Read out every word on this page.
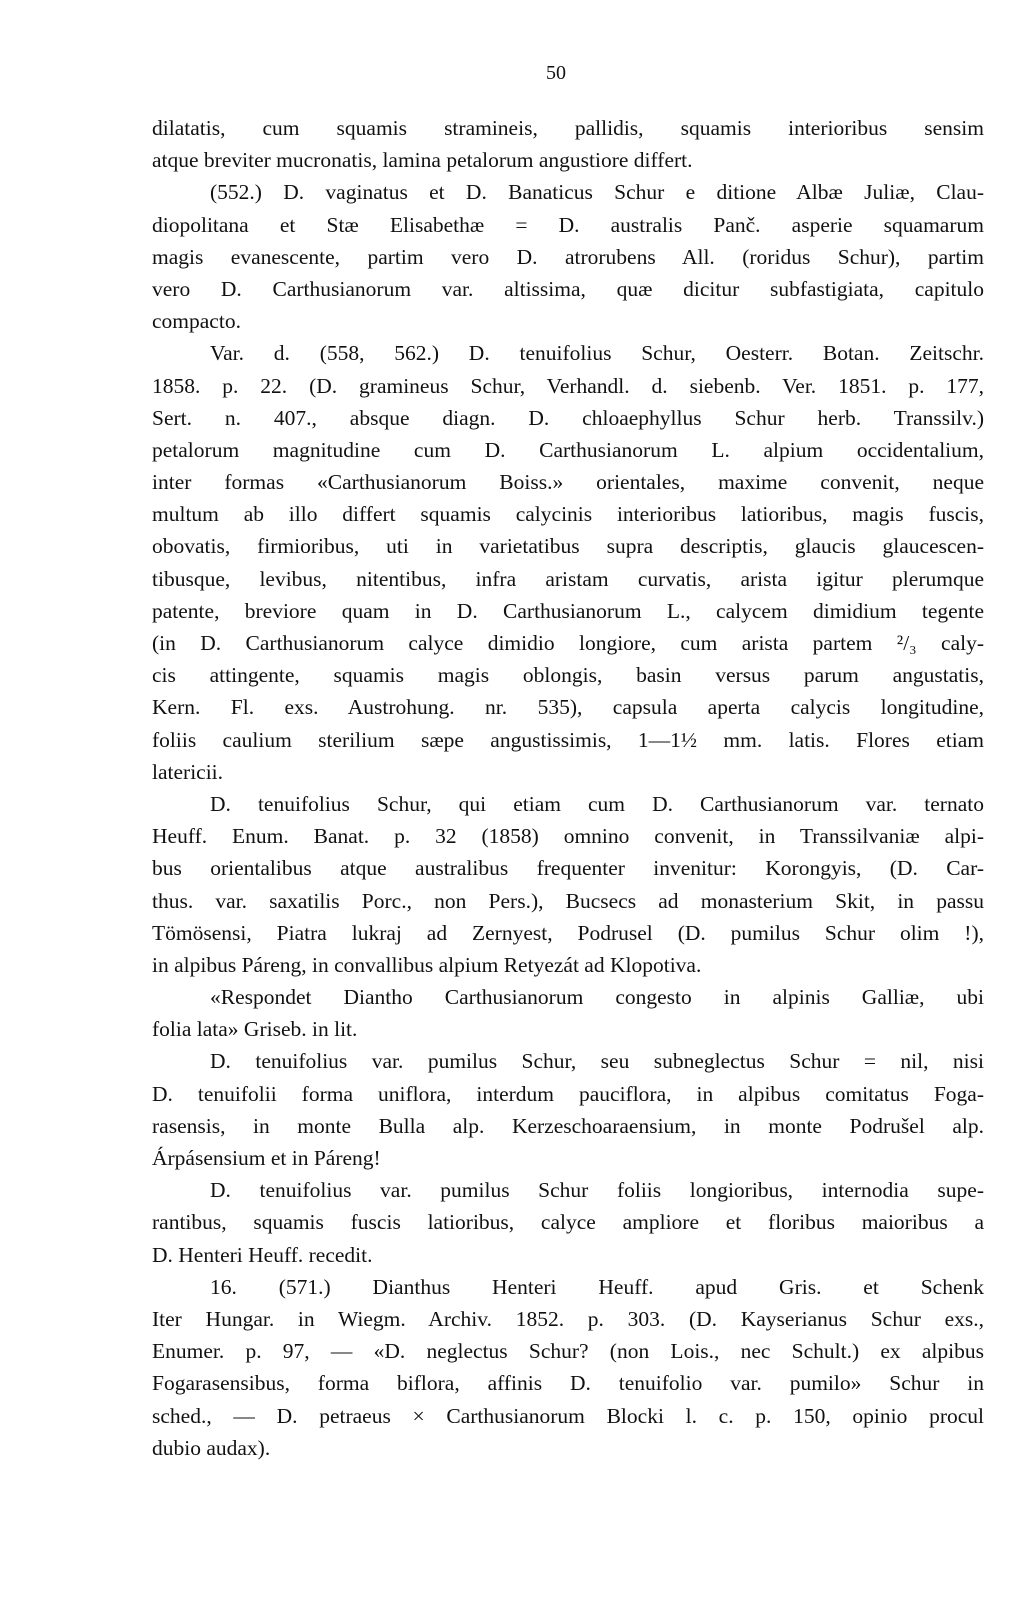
50
dilatatis, cum squamis stramineis, pallidis, squamis interioribus sensim
atque breviter mucronatis, lamina petalorum angustiore differt.
(552.) D. vaginatus et D. Banaticus Schur e ditione Albæ Juliæ, Clau-
diopolitana et Stæ Elisabethæ = D. australis Panč. asperie squamarum
magis evanescente, partim vero D. atrorubens All. (roridus Schur), partim
vero D. Carthusianorum var. altissima, quæ dicitur subfastigiata, capitulo
compacto.
Var. d. (558, 562.) D. tenuifolius Schur, Oesterr. Botan. Zeitschr.
1858. p. 22. (D. gramineus Schur, Verhandl. d. siebenb. Ver. 1851. p. 177,
Sert. n. 407., absque diagn. D. chloaephyllus Schur herb. Transsilv.)
petalorum magnitudine cum D. Carthusianorum L. alpium occidentalium,
inter formas «Carthusianorum Boiss.» orientales, maxime convenit, neque
multum ab illo differt squamis calycinis interioribus latioribus, magis fuscis,
obovatis, firmioribus, uti in varietatibus supra descriptis, glaucis glaucescen-
tibusque, levibus, nitentibus, infra aristam curvatis, arista igitur plerumque
patente, breviore quam in D. Carthusianorum L., calycem dimidium tegente
(in D. Carthusianorum calyce dimidio longiore, cum arista partem ²/₃ caly-
cis attingente, squamis magis oblongis, basin versus parum angustatis,
Kern. Fl. exs. Austrohung. nr. 535), capsula aperta calycis longitudine,
foliis caulium sterilium sæpe angustissimis, 1—1½ mm. latis. Flores etiam
latericii.
D. tenuifolius Schur, qui etiam cum D. Carthusianorum var. ternato
Heuff. Enum. Banat. p. 32 (1858) omnino convenit, in Transsilvaniæ alpi-
bus orientalibus atque australibus frequenter invenitur: Korongyis, (D. Car-
thus. var. saxatilis Porc., non Pers.), Bucsecs ad monasterium Skit, in passu
Tömösensi, Piatra lukraj ad Zernyest, Podrusel (D. pumilus Schur olim !),
in alpibus Páreng, in convallibus alpium Retyezát ad Klopotiva.
«Respondet Diantho Carthusianorum congesto in alpinis Galliæ, ubi
folia lata» Griseb. in lit.
D. tenuifolius var. pumilus Schur, seu subneglectus Schur = nil, nisi
D. tenuifolii forma uniflora, interdum pauciflora, in alpibus comitatus Foga-
rasensis, in monte Bulla alp. Kerzeschoaraensium, in monte Podrušel alp.
Árpásensium et in Páreng!
D. tenuifolius var. pumilus Schur foliis longioribus, internodia supe-
rantibus, squamis fuscis latioribus, calyce ampliore et floribus maioribus a
D. Henteri Heuff. recedit.
16. (571.) Dianthus Henteri Heuff. apud Gris. et Schenk
Iter Hungar. in Wiegm. Archiv. 1852. p. 303. (D. Kayserianus Schur exs.,
Enumer. p. 97, — «D. neglectus Schur? (non Lois., nec Schult.) ex alpibus
Fogarasensibus, forma biflora, affinis D. tenuifolio var. pumilo» Schur in
sched., — D. petraeus × Carthusianorum Blocki l. c. p. 150, opinio procul
dubio audax).
